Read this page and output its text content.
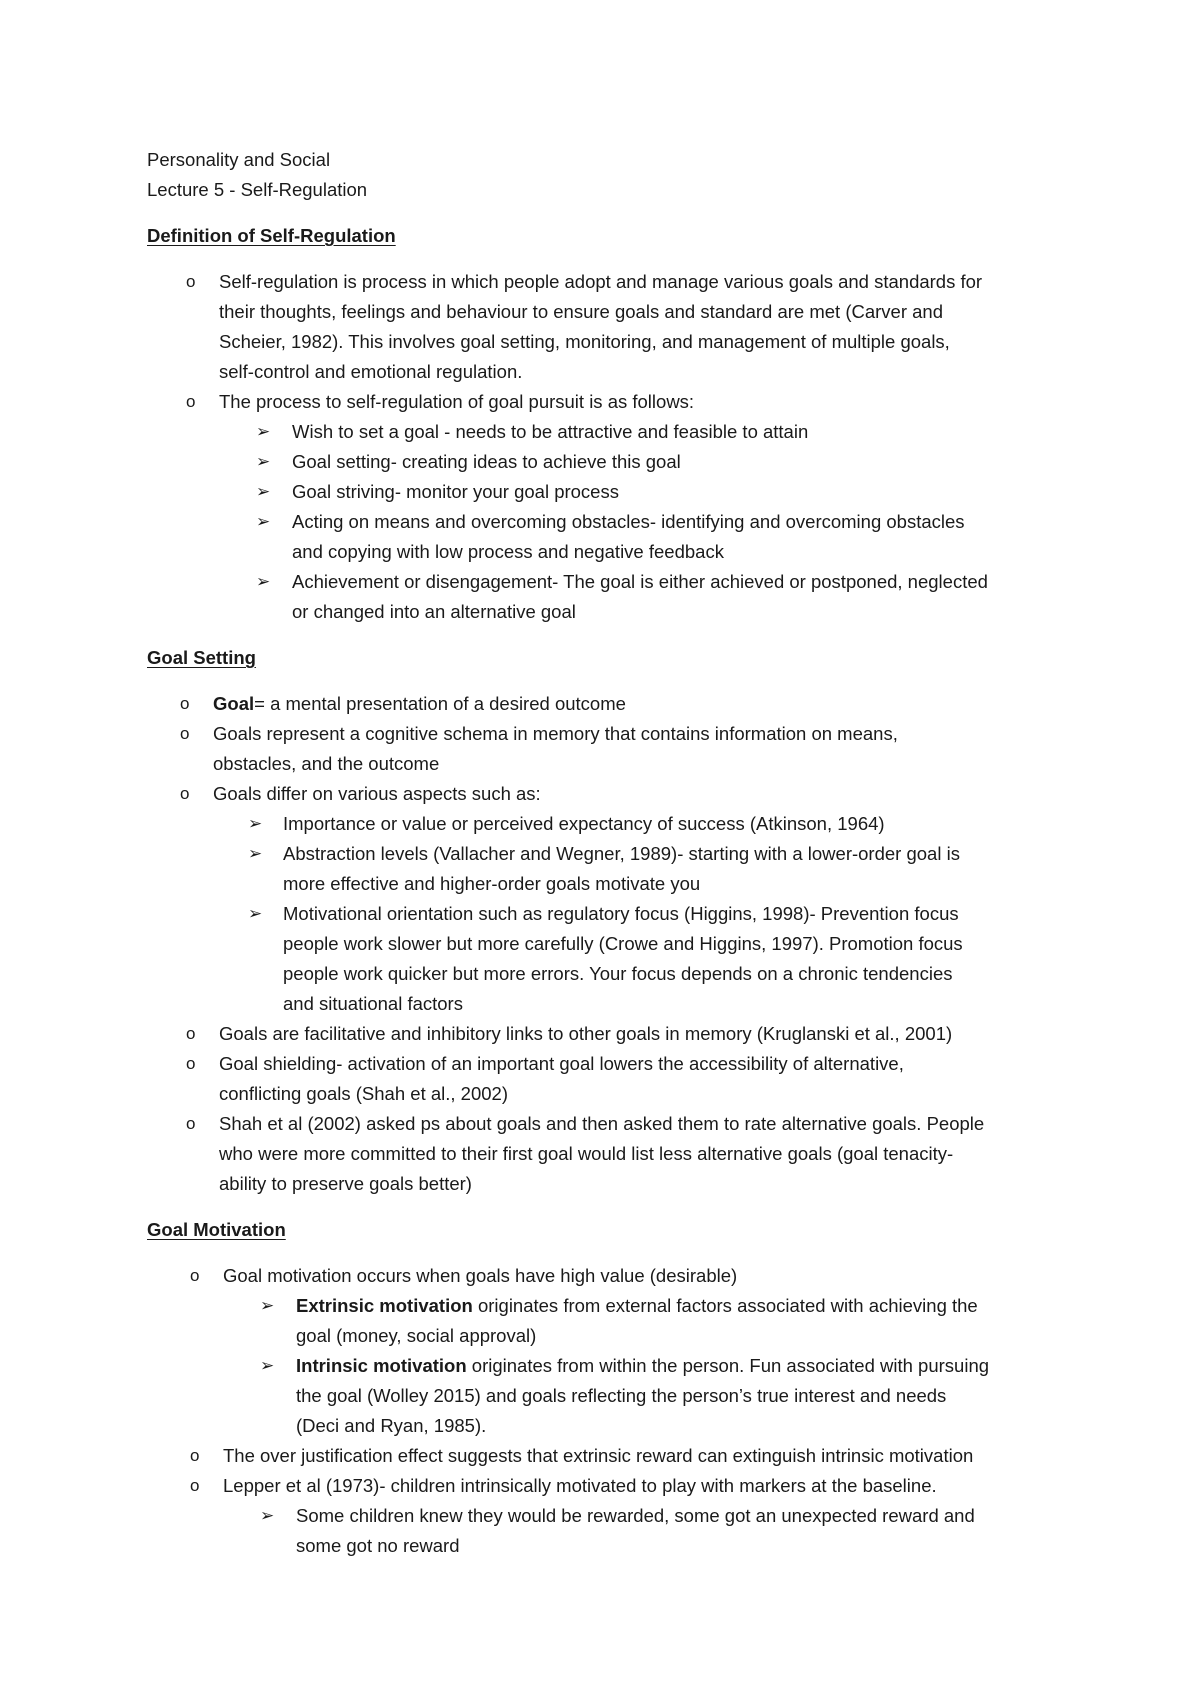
Personality and Social
Lecture 5 - Self-Regulation
Definition of Self-Regulation
o Self-regulation is process in which people adopt and manage various goals and standards for
their thoughts, feelings and behaviour to ensure goals and standard are met (Carver and
Scheier, 1982). This involves goal setting, monitoring, and management of multiple goals,
self-control and emotional regulation.
o The process to self-regulation of goal pursuit is as follows:
➢ Wish to set a goal - needs to be attractive and feasible to attain
➢ Goal setting- creating ideas to achieve this goal
➢ Goal striving- monitor your goal process
➢ Acting on means and overcoming obstacles- identifying and overcoming obstacles
and copying with low process and negative feedback
➢ Achievement or disengagement- The goal is either achieved or postponed, neglected
or changed into an alternative goal
Goal Setting
o Goal= a mental presentation of a desired outcome
o Goals represent a cognitive schema in memory that contains information on means,
obstacles, and the outcome
o Goals differ on various aspects such as:
➢ Importance or value or perceived expectancy of success (Atkinson, 1964)
➢ Abstraction levels (Vallacher and Wegner, 1989)- starting with a lower-order goal is
more effective and higher-order goals motivate you
➢ Motivational orientation such as regulatory focus (Higgins, 1998)- Prevention focus
people work slower but more carefully (Crowe and Higgins, 1997). Promotion focus
people work quicker but more errors. Your focus depends on a chronic tendencies
and situational factors
o Goals are facilitative and inhibitory links to other goals in memory (Kruglanski et al., 2001)
o Goal shielding- activation of an important goal lowers the accessibility of alternative,
conflicting goals (Shah et al., 2002)
o Shah et al (2002) asked ps about goals and then asked them to rate alternative goals. People
who were more committed to their first goal would list less alternative goals (goal tenacity-
ability to preserve goals better)
Goal Motivation
o Goal motivation occurs when goals have high value (desirable)
➢ Extrinsic motivation originates from external factors associated with achieving the
goal (money, social approval)
➢ Intrinsic motivation originates from within the person. Fun associated with pursuing
the goal (Wolley 2015) and goals reflecting the person’s true interest and needs
(Deci and Ryan, 1985).
o The over justification effect suggests that extrinsic reward can extinguish intrinsic motivation
o Lepper et al (1973)- children intrinsically motivated to play with markers at the baseline.
➢ Some children knew they would be rewarded, some got an unexpected reward and
some got no reward
